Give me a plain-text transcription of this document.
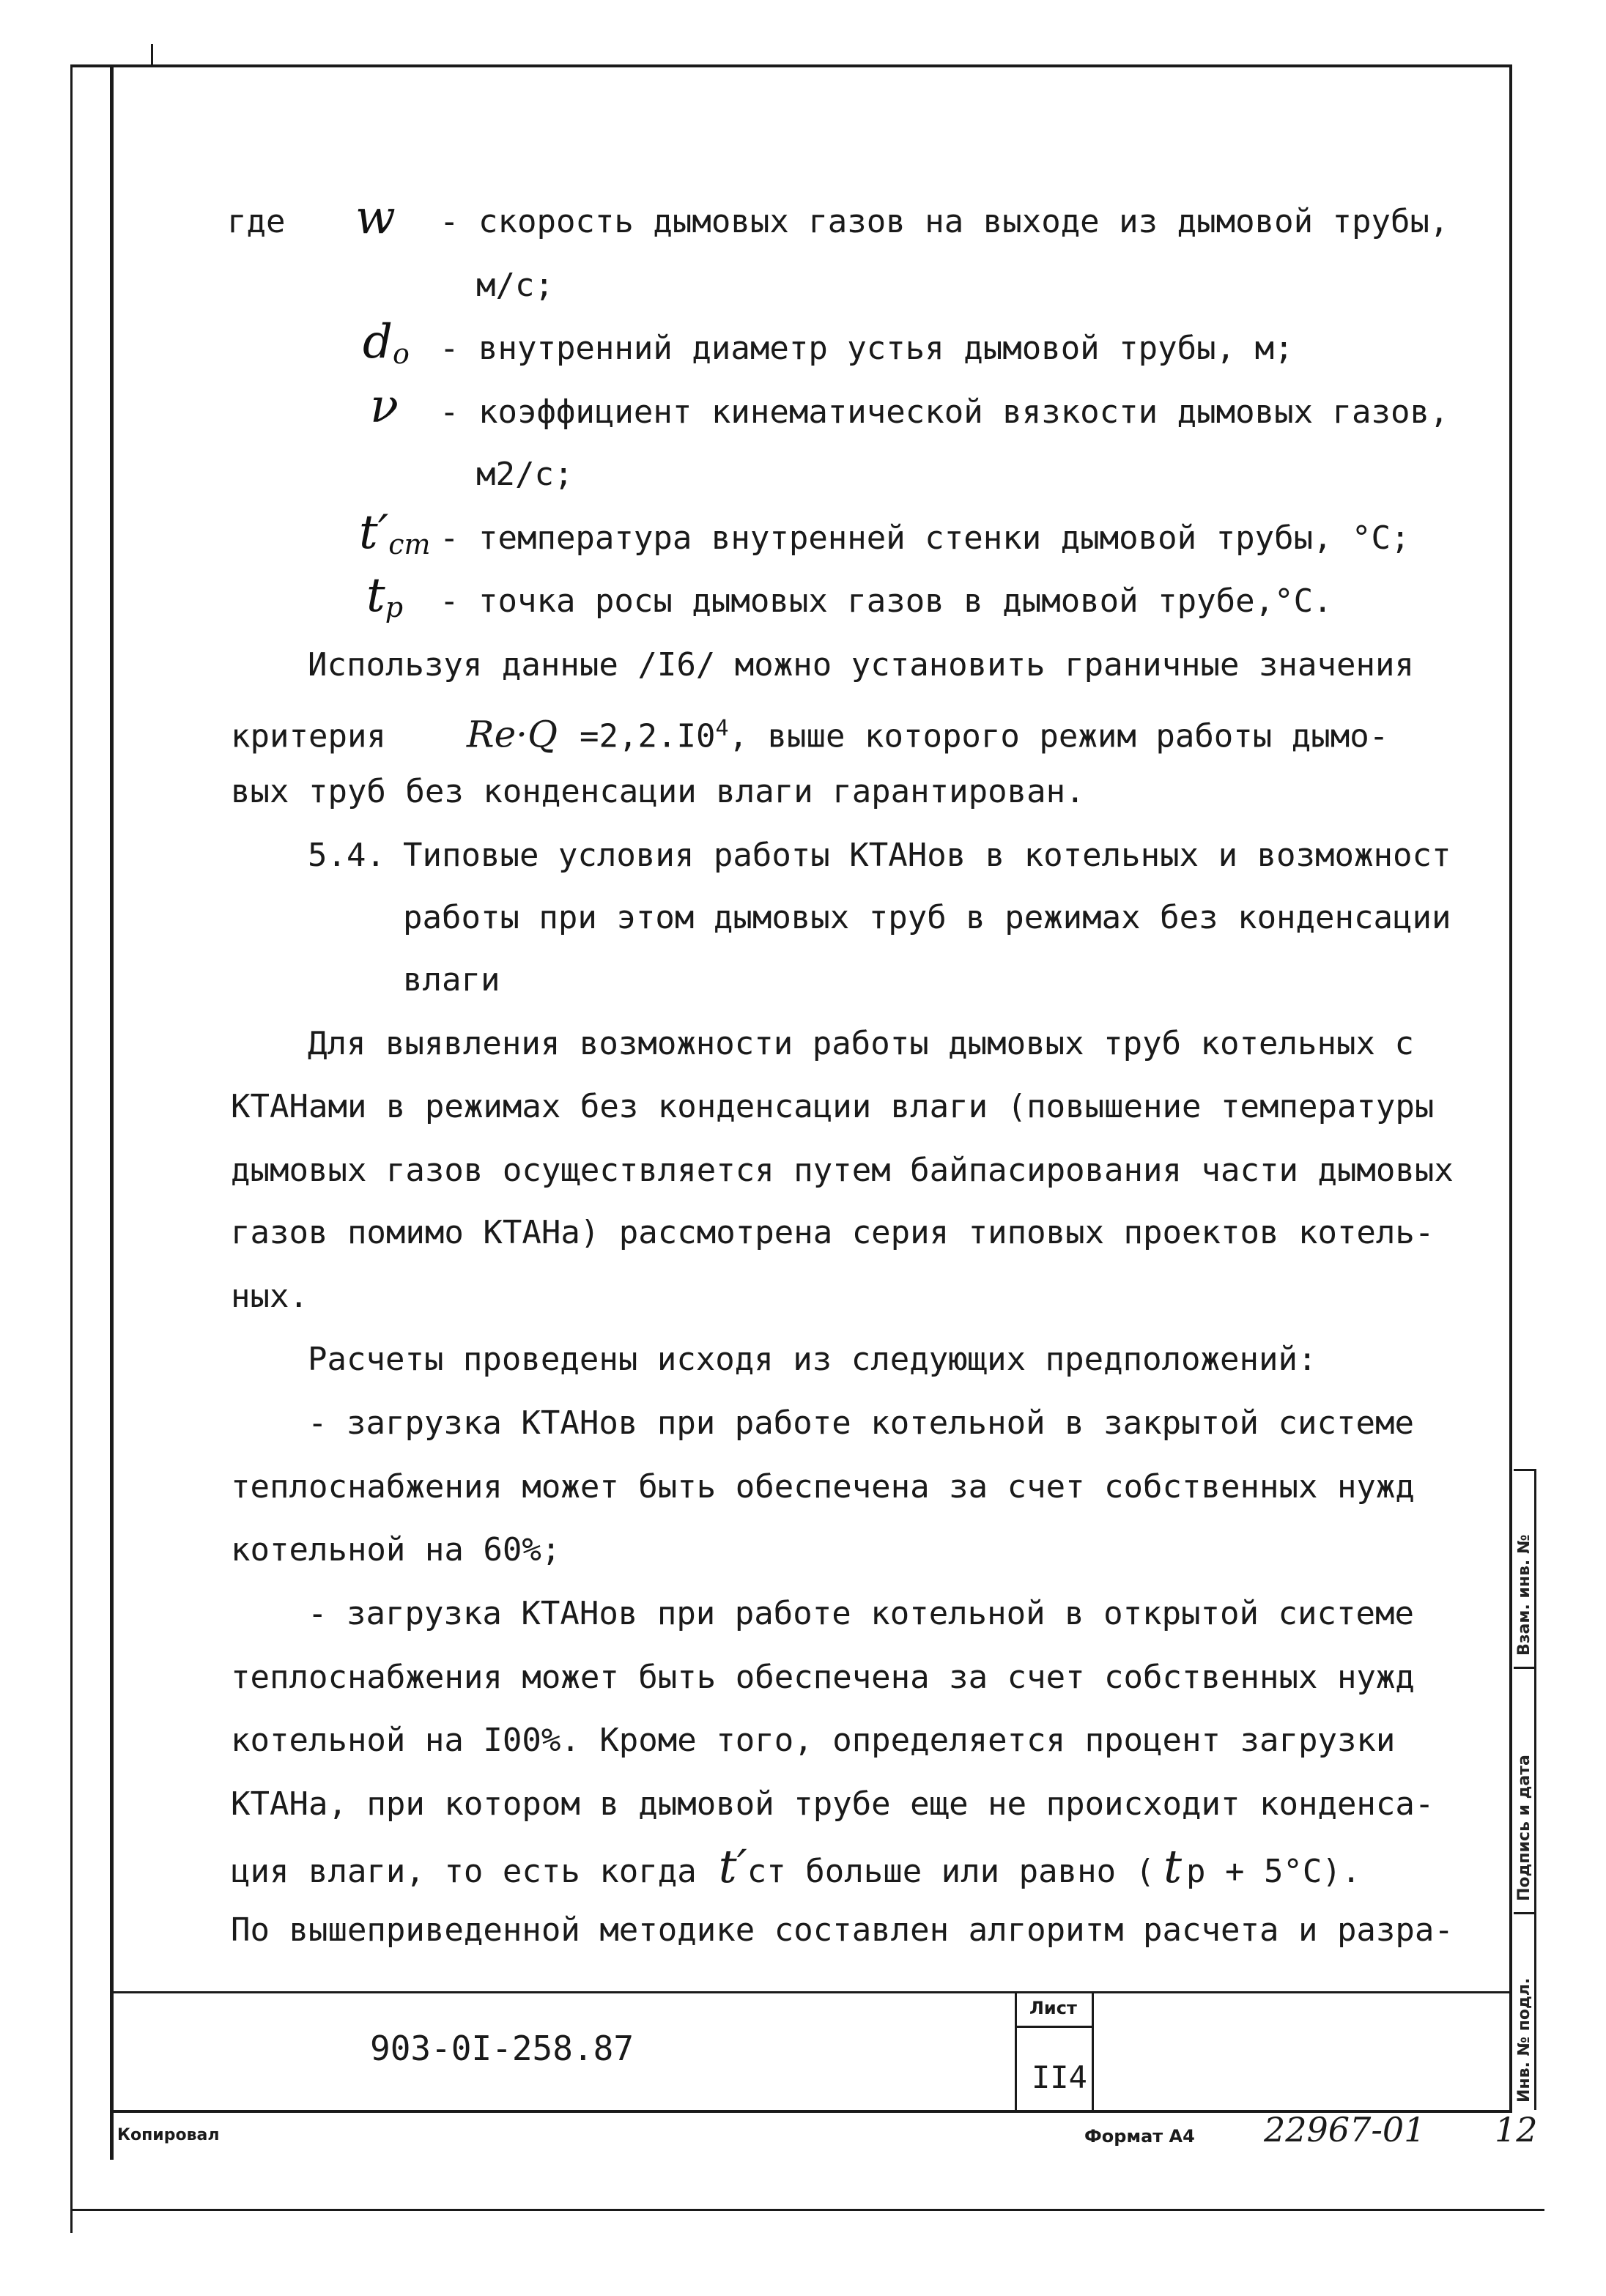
где w - скорость дымовых газов на выходе из дымовой трубы,
м/с;
$d_o$ - внутренний диаметр устья дымовой трубы, м;
ν - коэффициент кинематической вязкости дымовых газов,
м2/с;
$t'_{ст}$ - температура внутренней стенки дымовой трубы, °С;
$t_р$ - точка росы дымовых газов в дымовой трубе,°С.
Используя данные /I6/ можно установить граничные значения
критерия $Re\cdot Q =2,2.I0^4$, выше которого режим работы дымо-
вых труб без конденсации влаги гарантирован.
5.4. Типовые условия работы КТАНов в котельных и возможност
работы при этом дымовых труб в режимах без конденсации
влаги
Для выявления возможности работы дымовых труб котельных с
КТАНами в режимах без конденсации влаги (повышение температуры
дымовых газов осуществляется путем байпасирования части дымовых
газов помимо КТАНа) рассмотрена серия типовых проектов котель-
ных.
Расчеты проведены исходя из следующих предположений:
- загрузка КТАНов при работе котельной в закрытой системе
теплоснабжения может быть обеспечена за счет собственных нужд
котельной на 60%;
- загрузка КТАНов при работе котельной в открытой системе
теплоснабжения может быть обеспечена за счет собственных нужд
котельной на I00%. Кроме того, определяется процент загрузки
КТАНа, при котором в дымовой трубе еще не происходит конденса-
ция влаги, то есть когда t′ст больше или равно ( t р + 5°С).
По вышеприведенной методике составлен алгоритм расчета и разра-
903-0I-258.87
Лист
II4
Копировал	Формат А4 22967-01 12
Взам. инв. №
Подпись и дата
Инв. № подл.
